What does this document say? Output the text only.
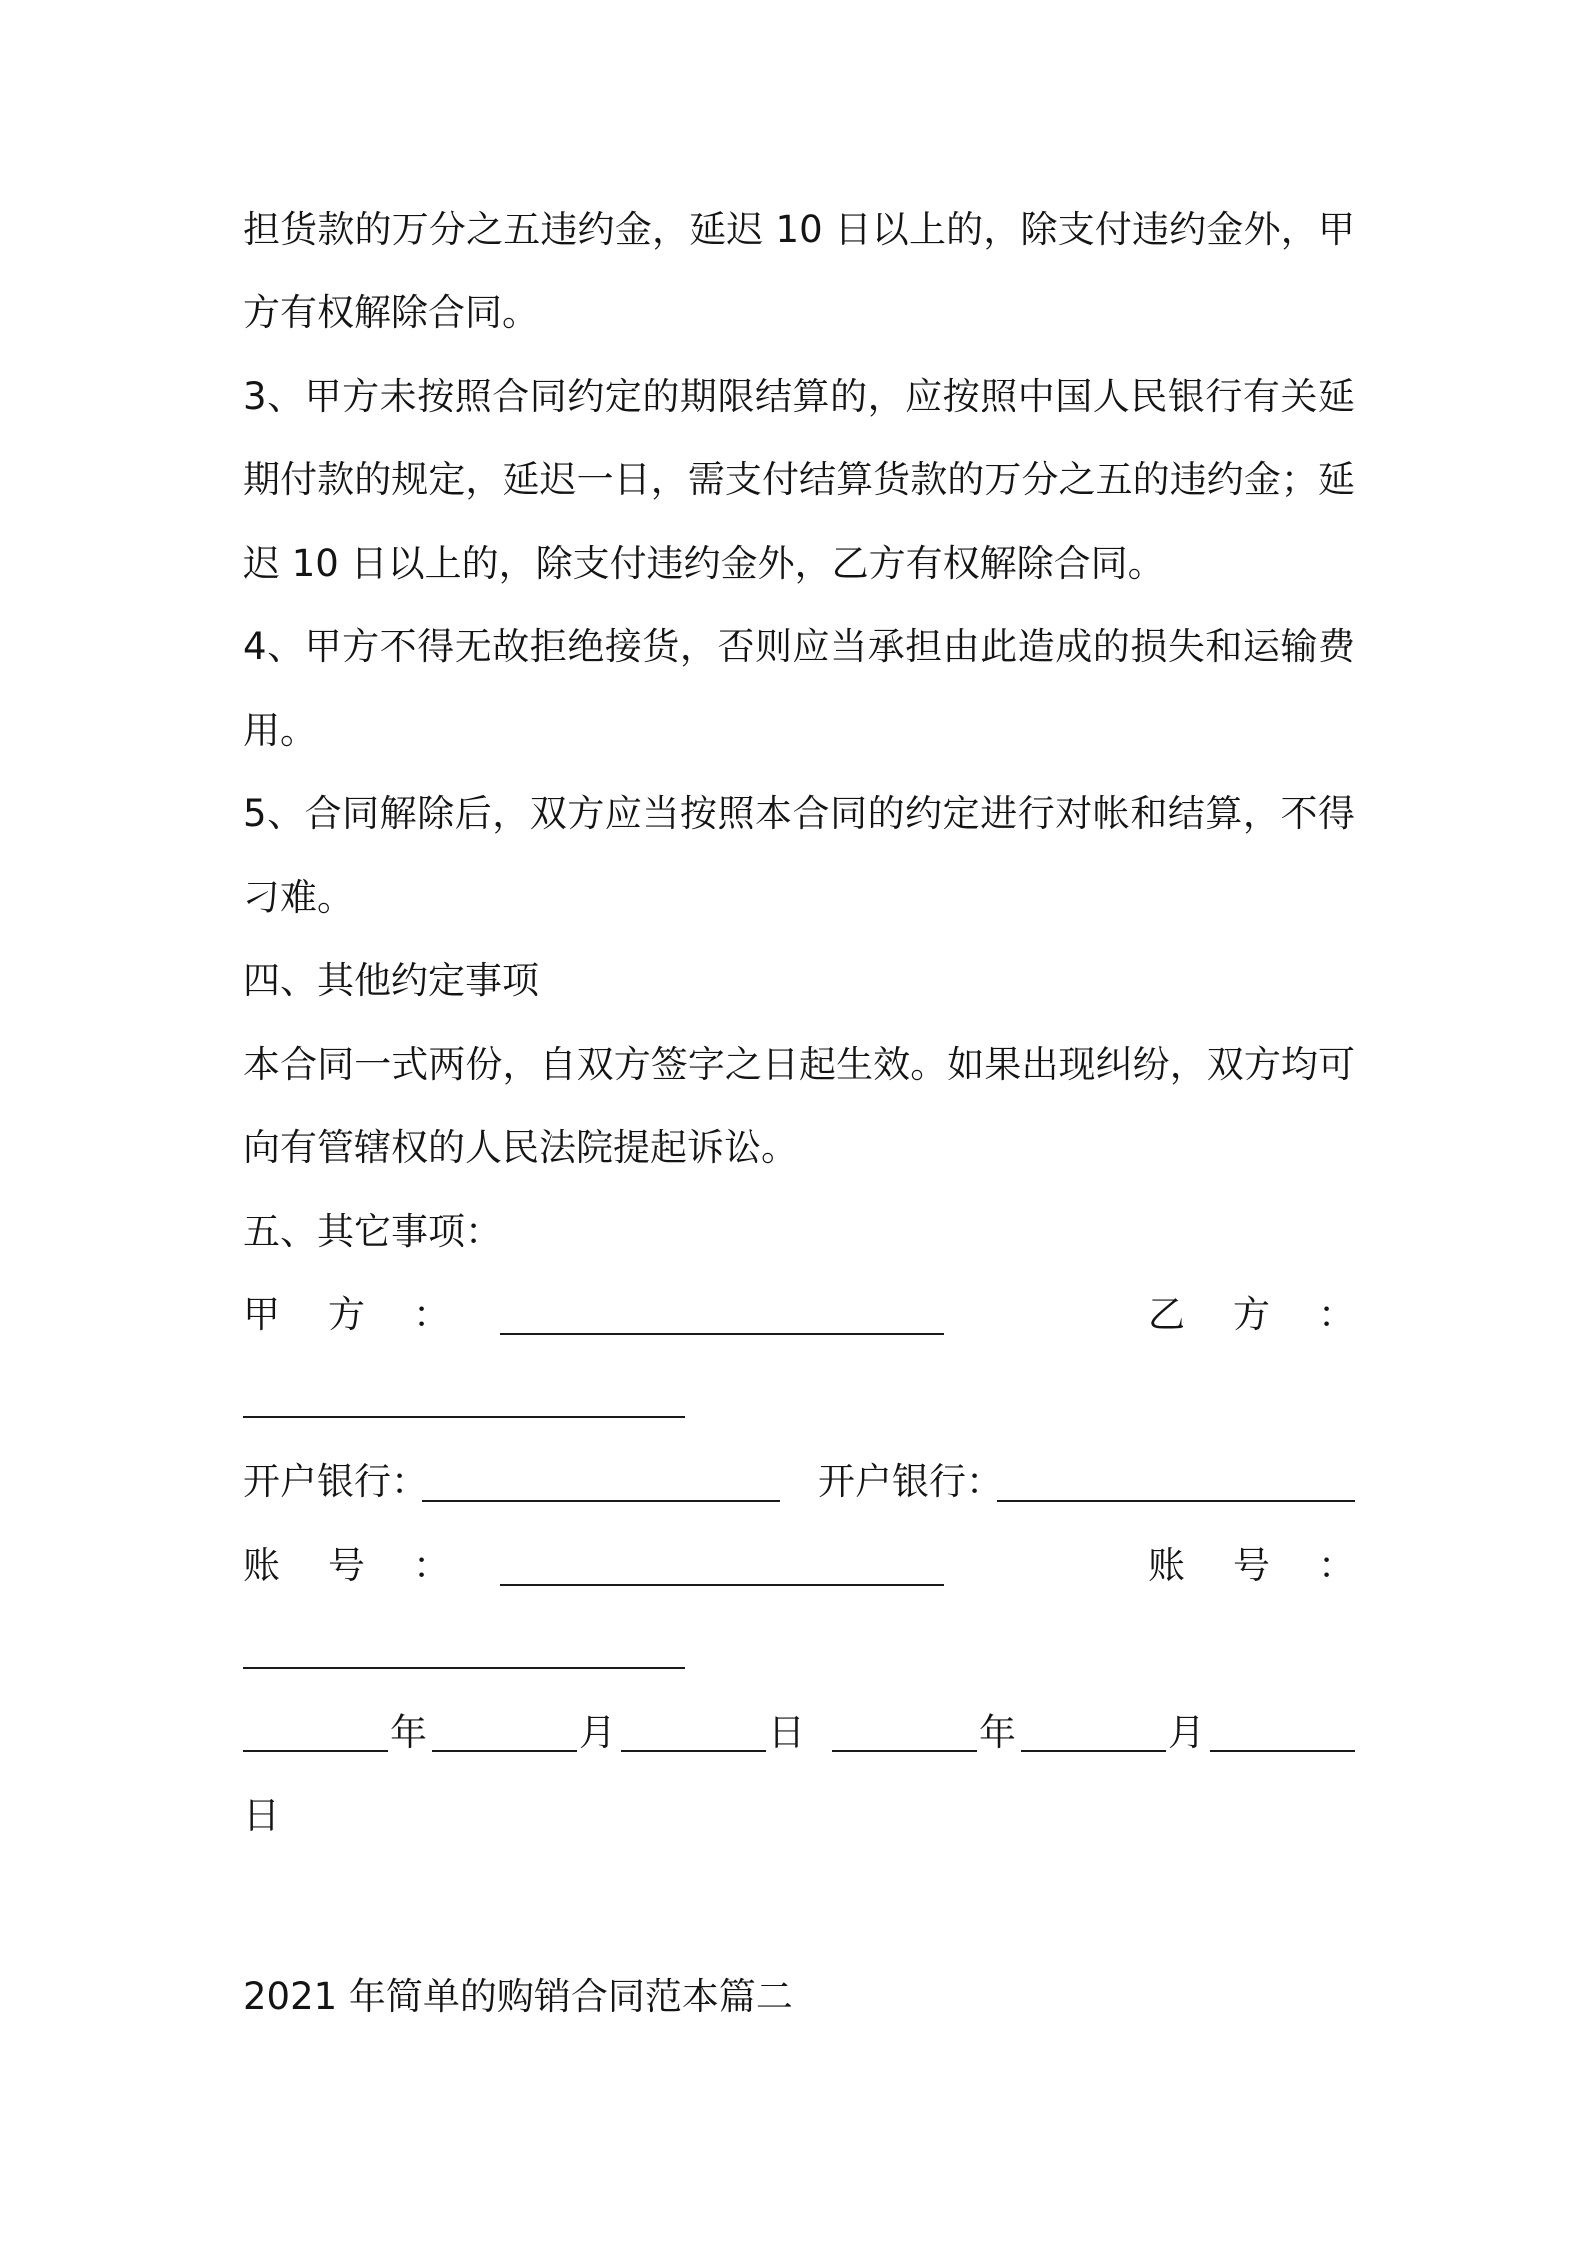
担货款的万分之五违约金，延迟 10 日以上的，除支付违约金外，甲
方有权解除合同。
3、甲方未按照合同约定的期限结算的，应按照中国人民银行有关延
期付款的规定，延迟一日，需支付结算货款的万分之五的违约金；延
迟 10 日以上的，除支付违约金外，乙方有权解除合同。
4、甲方不得无故拒绝接货，否则应当承担由此造成的损失和运输费
用。
5、合同解除后，双方应当按照本合同的约定进行对帐和结算，不得
刁难。
四、其他约定事项
本合同一式两份，自双方签字之日起生效。如果出现纠纷，双方均可
向有管辖权的人民法院提起诉讼。
五、其它事项：
甲方：	乙方：
开户银行：	开户银行：
账号：	账号：
年	月	日	年	月
日
2021 年简单的购销合同范本篇二
